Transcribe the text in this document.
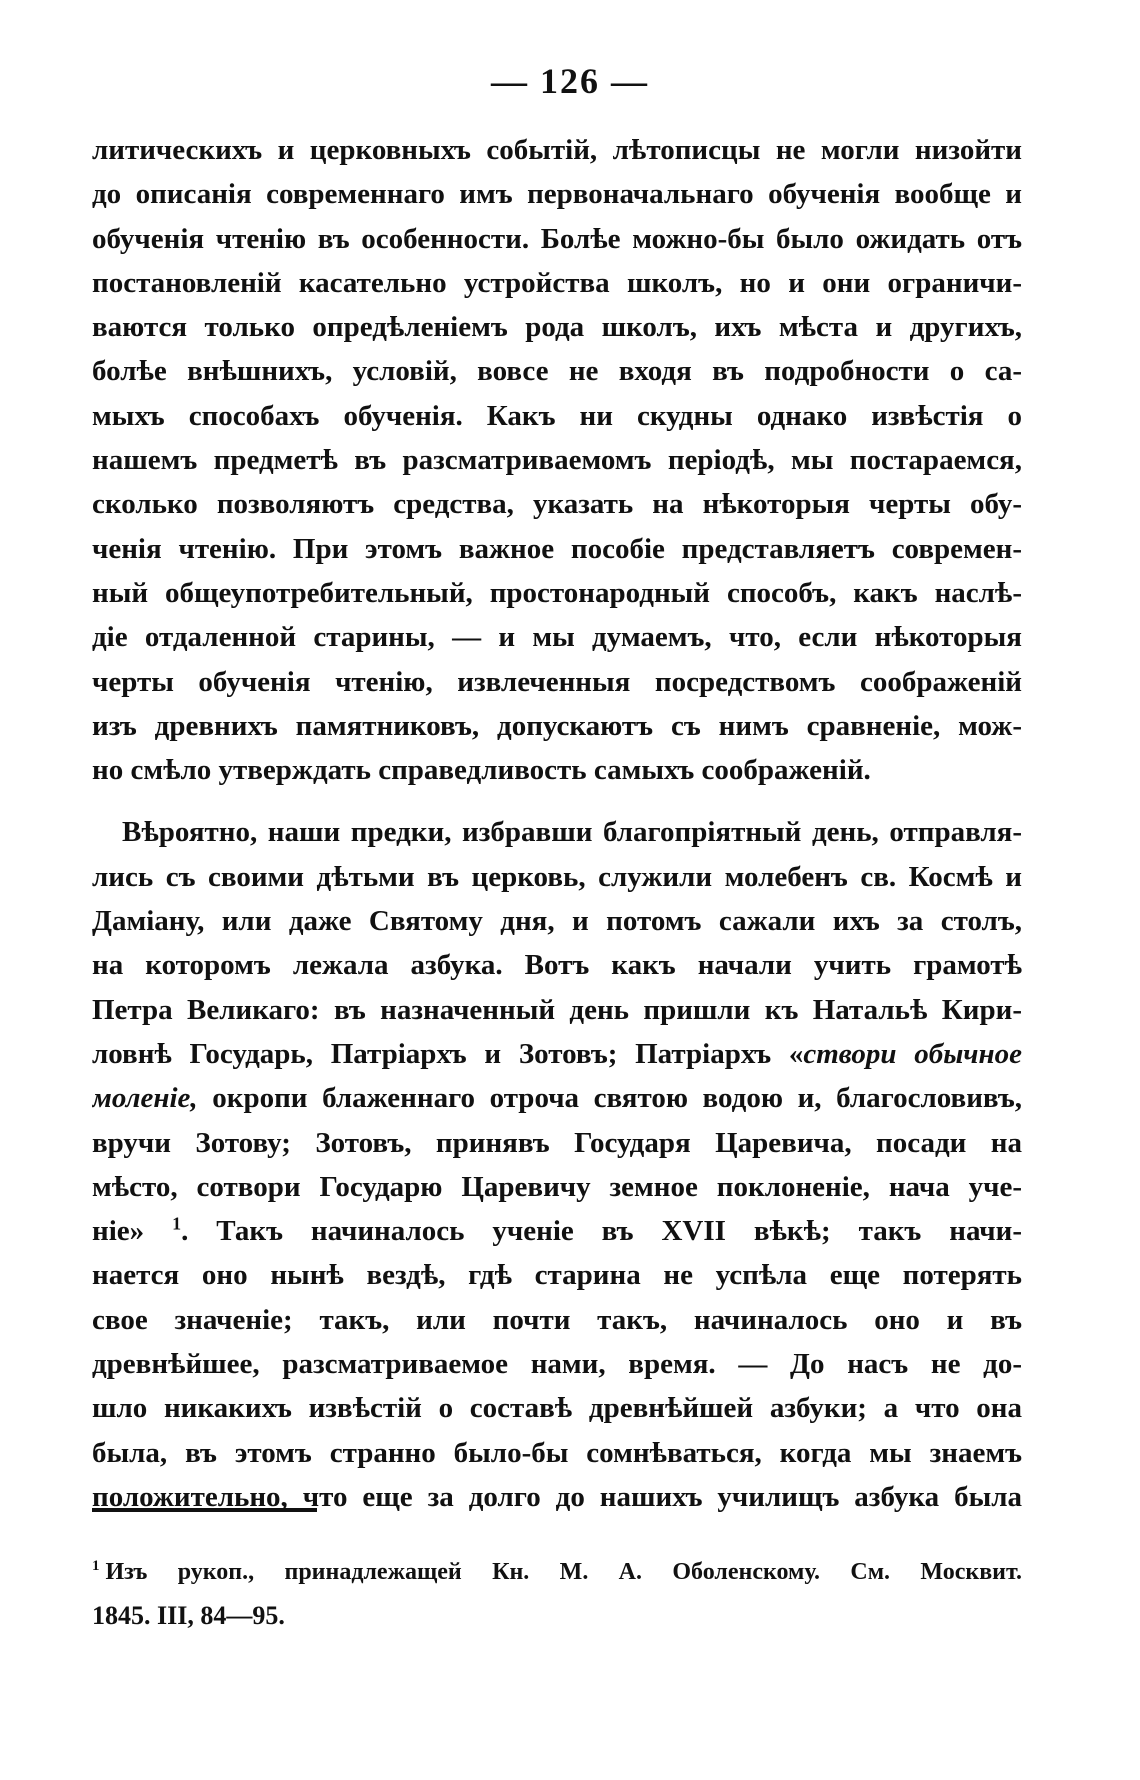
— 126 —
литическихъ и церковныхъ событій, лѣтописцы не могли низойти
до описанія современнаго имъ первоначальнаго обученія вообще и
обученія чтенію въ особенности. Болѣе можно-бы было ожидать отъ
постановленій касательно устройства школъ, но и они ограничи-
ваются только опредѣленіемъ рода школъ, ихъ мѣста и другихъ,
болѣе внѣшнихъ, условій, вовсе не входя въ подробности о са-
мыхъ способахъ обученія. Какъ ни скудны однако извѣстія о
нашемъ предметѣ въ разсматриваемомъ періодѣ, мы постараемся,
сколько позволяютъ средства, указать на нѣкоторыя черты обу-
ченія чтенію. При этомъ важное пособіе представляетъ современ-
ный общеупотребительный, простонародный способъ, какъ наслѣ-
діе отдаленной старины, — и мы думаемъ, что, если нѣкоторыя
черты обученія чтенію, извлеченныя посредствомъ соображеній
изъ древнихъ памятниковъ, допускаютъ съ нимъ сравненіе, мож-
но смѣло утверждать справедливость самыхъ соображеній.
Вѣроятно, наши предки, избравши благопріятный день, отправля-
лись съ своими дѣтьми въ церковь, служили молебенъ св. Космѣ и
Даміану, или даже Святому дня, и потомъ сажали ихъ за столъ,
на которомъ лежала азбука. Вотъ какъ начали учить грамотѣ
Петра Великаго: въ назначенный день пришли къ Натальѣ Кири-
ловнѣ Государь, Патріархъ и Зотовъ; Патріархъ «створи обычное
моленіе, окропи блаженнаго отроча святою водою и, благословивъ,
вручи Зотову; Зотовъ, принявъ Государя Царевича, посади на
мѣсто, сотвори Государю Царевичу земное поклоненіе, нача уче-
ніе» $^1$. Такъ начиналось ученіе въ XVII вѣкѣ; такъ начи-
нается оно нынѣ вездѣ, гдѣ старина не успѣла еще потерять
свое значеніе; такъ, или почти такъ, начиналось оно и въ
древнѣйшее, разсматриваемое нами, время. — До насъ не до-
шло никакихъ извѣстій о составѣ древнѣйшей азбуки; а что она
была, въ этомъ странно было-бы сомнѣваться, когда мы знаемъ
положительно, что еще за долго до нашихъ училищъ азбука была
$^1$ Изъ рукоп., принадлежащей Кн. М. А. Оболенскому. См. Москвит.
1845. III, 84—95.
